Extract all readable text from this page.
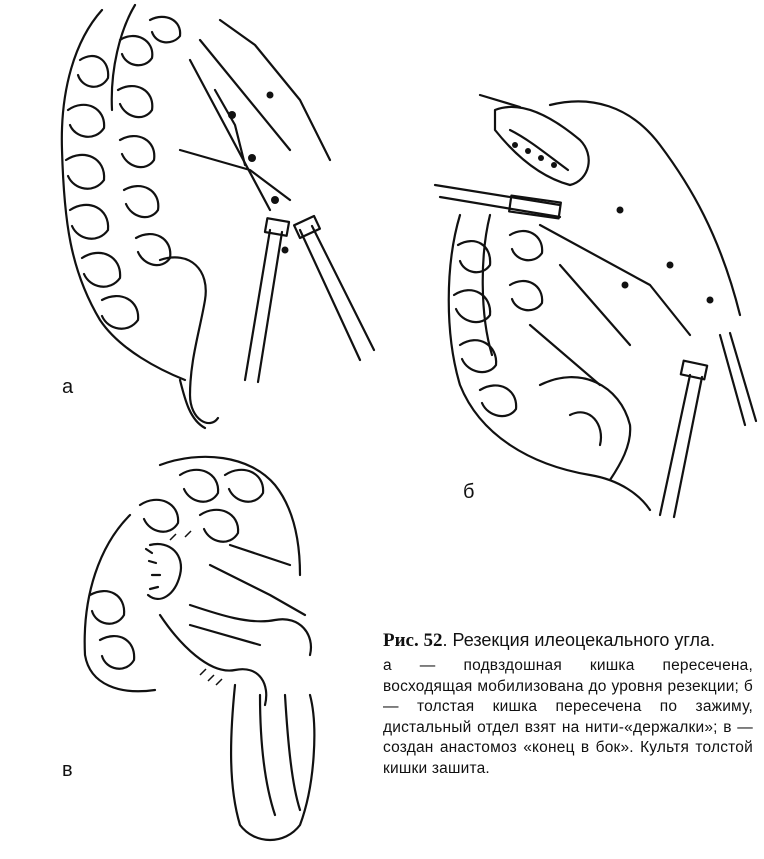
а
б
в

Рис. 52. Резекция илеоцекального угла.

а — подвздошная кишка пересечена, восходящая мобилизована до уровня резекции; б — толстая кишка пересечена по зажиму, дистальный отдел взят на нити-«держалки»; в — создан анастомоз «конец в бок». Культя толстой кишки зашита.
